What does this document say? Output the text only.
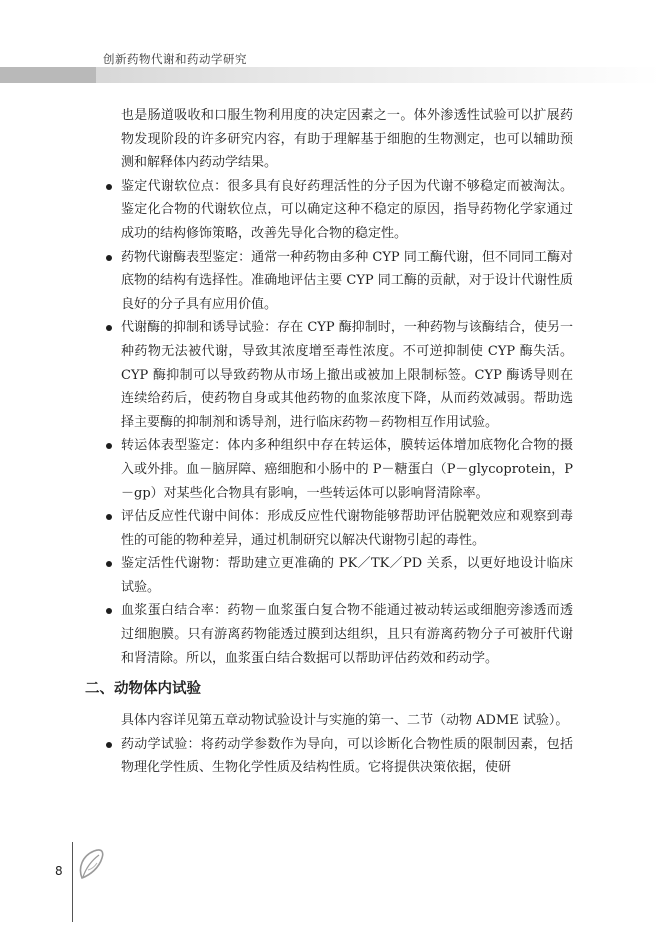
创新药物代谢和药动学研究

也是肠道吸收和口服生物利用度的决定因素之一。体外渗透性试验可以扩展药物发现阶段的许多研究内容，有助于理解基于细胞的生物测定，也可以辅助预测和解释体内药动学结果。

鉴定代谢软位点：很多具有良好药理活性的分子因为代谢不够稳定而被淘汰。鉴定化合物的代谢软位点，可以确定这种不稳定的原因，指导药物化学家通过成功的结构修饰策略，改善先导化合物的稳定性。

药物代谢酶表型鉴定：通常一种药物由多种 CYP 同工酶代谢，但不同同工酶对底物的结构有选择性。准确地评估主要 CYP 同工酶的贡献，对于设计代谢性质良好的分子具有应用价值。

代谢酶的抑制和诱导试验：存在 CYP 酶抑制时，一种药物与该酶结合，使另一种药物无法被代谢，导致其浓度增至毒性浓度。不可逆抑制使 CYP 酶失活。CYP 酶抑制可以导致药物从市场上撤出或被加上限制标签。CYP 酶诱导则在连续给药后，使药物自身或其他药物的血浆浓度下降，从而药效减弱。帮助选择主要酶的抑制剂和诱导剂，进行临床药物－药物相互作用试验。

转运体表型鉴定：体内多种组织中存在转运体，膜转运体增加底物化合物的摄入或外排。血－脑屏障、癌细胞和小肠中的 P－糖蛋白（P－glycoprotein，P－gp）对某些化合物具有影响，一些转运体可以影响肾清除率。

评估反应性代谢中间体：形成反应性代谢物能够帮助评估脱靶效应和观察到毒性的可能的物种差异，通过机制研究以解决代谢物引起的毒性。

鉴定活性代谢物：帮助建立更准确的 PK／TK／PD 关系，以更好地设计临床试验。

血浆蛋白结合率：药物－血浆蛋白复合物不能通过被动转运或细胞旁渗透而透过细胞膜。只有游离药物能透过膜到达组织，且只有游离药物分子可被肝代谢和肾清除。所以，血浆蛋白结合数据可以帮助评估药效和药动学。

二、动物体内试验

具体内容详见第五章动物试验设计与实施的第一、二节（动物 ADME 试验）。

药动学试验：将药动学参数作为导向，可以诊断化合物性质的限制因素，包括物理化学性质、生物化学性质及结构性质。它将提供决策依据，使研

8
